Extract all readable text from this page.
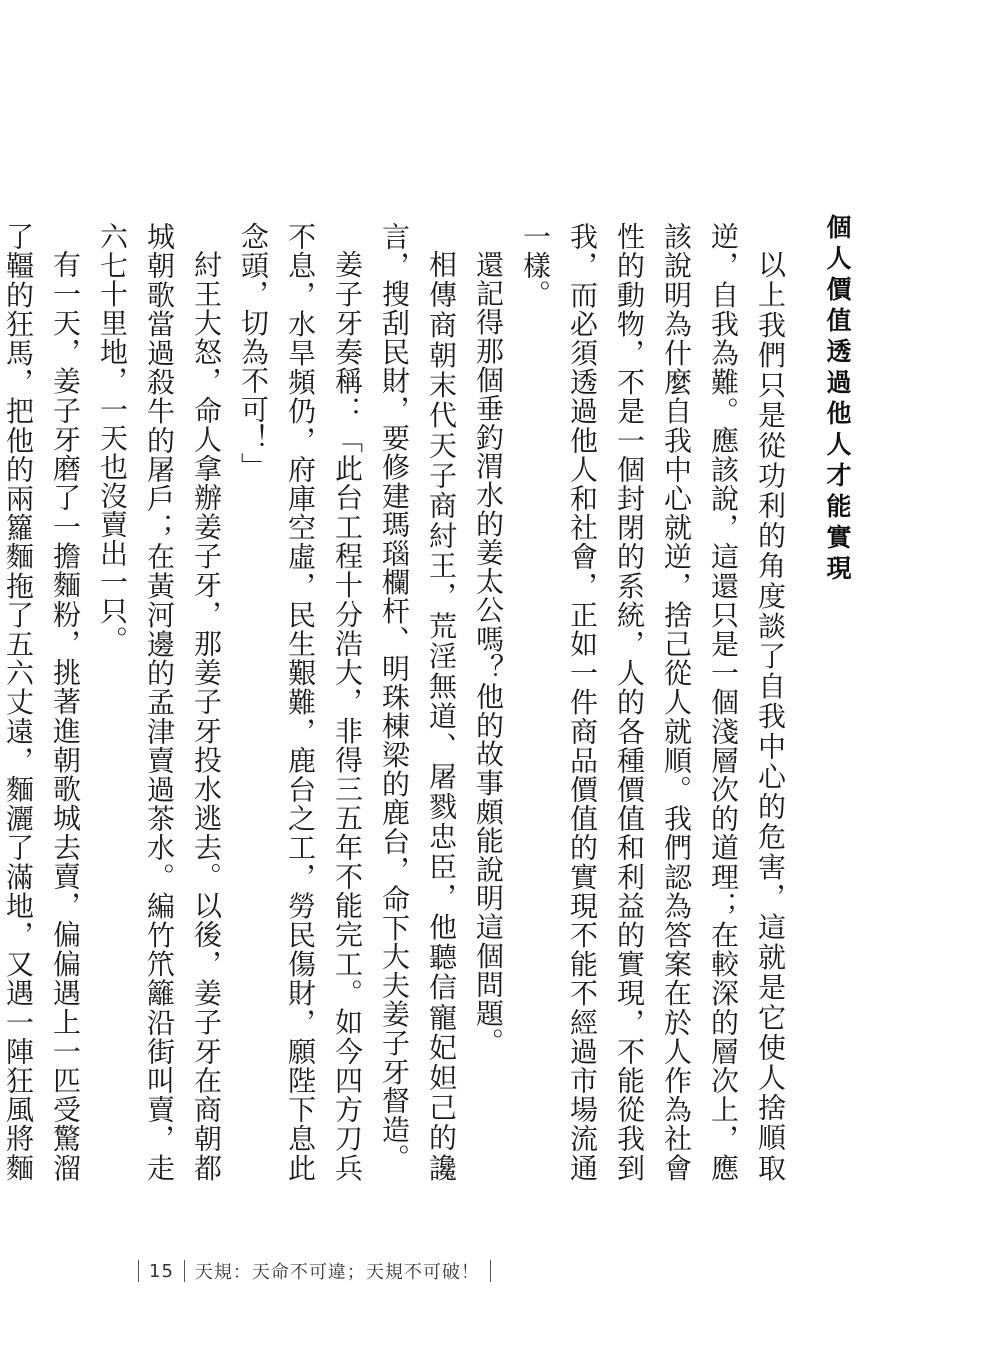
個人價值透過他人才能實現

以上我們只是從功利的角度談了自我中心的危害，這就是它使人捨順取逆，自我為難。應該說，這還只是一個淺層次的道理；在較深的層次上，應該說明為什麼自我中心就逆，捨己從人就順。我們認為答案在於人作為社會性的動物，不是一個封閉的系統，人的各種價值和利益的實現，不能從我到我，而必須透過他人和社會，正如一件商品價值的實現不能不經過市場流通一樣。

還記得那個垂釣渭水的姜太公嗎？他的故事頗能說明這個問題。

相傳商朝末代天子商紂王，荒淫無道、屠戮忠臣，他聽信寵妃妲己的讒言，搜刮民財，要修建瑪瑙欄杆、明珠棟梁的鹿台，命下大夫姜子牙督造。

姜子牙奏稱：「此台工程十分浩大，非得三五年不能完工。如今四方刀兵不息，水旱頻仍，府庫空虛，民生艱難，鹿台之工，勞民傷財，願陛下息此念頭，切為不可！」

紂王大怒，命人拿辦姜子牙，那姜子牙投水逃去。以後，姜子牙在商朝都城朝歌當過殺牛的屠戶；在黃河邊的孟津賣過茶水。編竹笊籬沿街叫賣，走六七十里地，一天也沒賣出一只。

有一天，姜子牙磨了一擔麵粉，挑著進朝歌城去賣，偏偏遇上一匹受驚溜了韁的狂馬，把他的兩籮麵拖了五六丈遠，麵灑了滿地，又遇一陣狂風將麵

15 天規：天命不可違；天規不可破！
